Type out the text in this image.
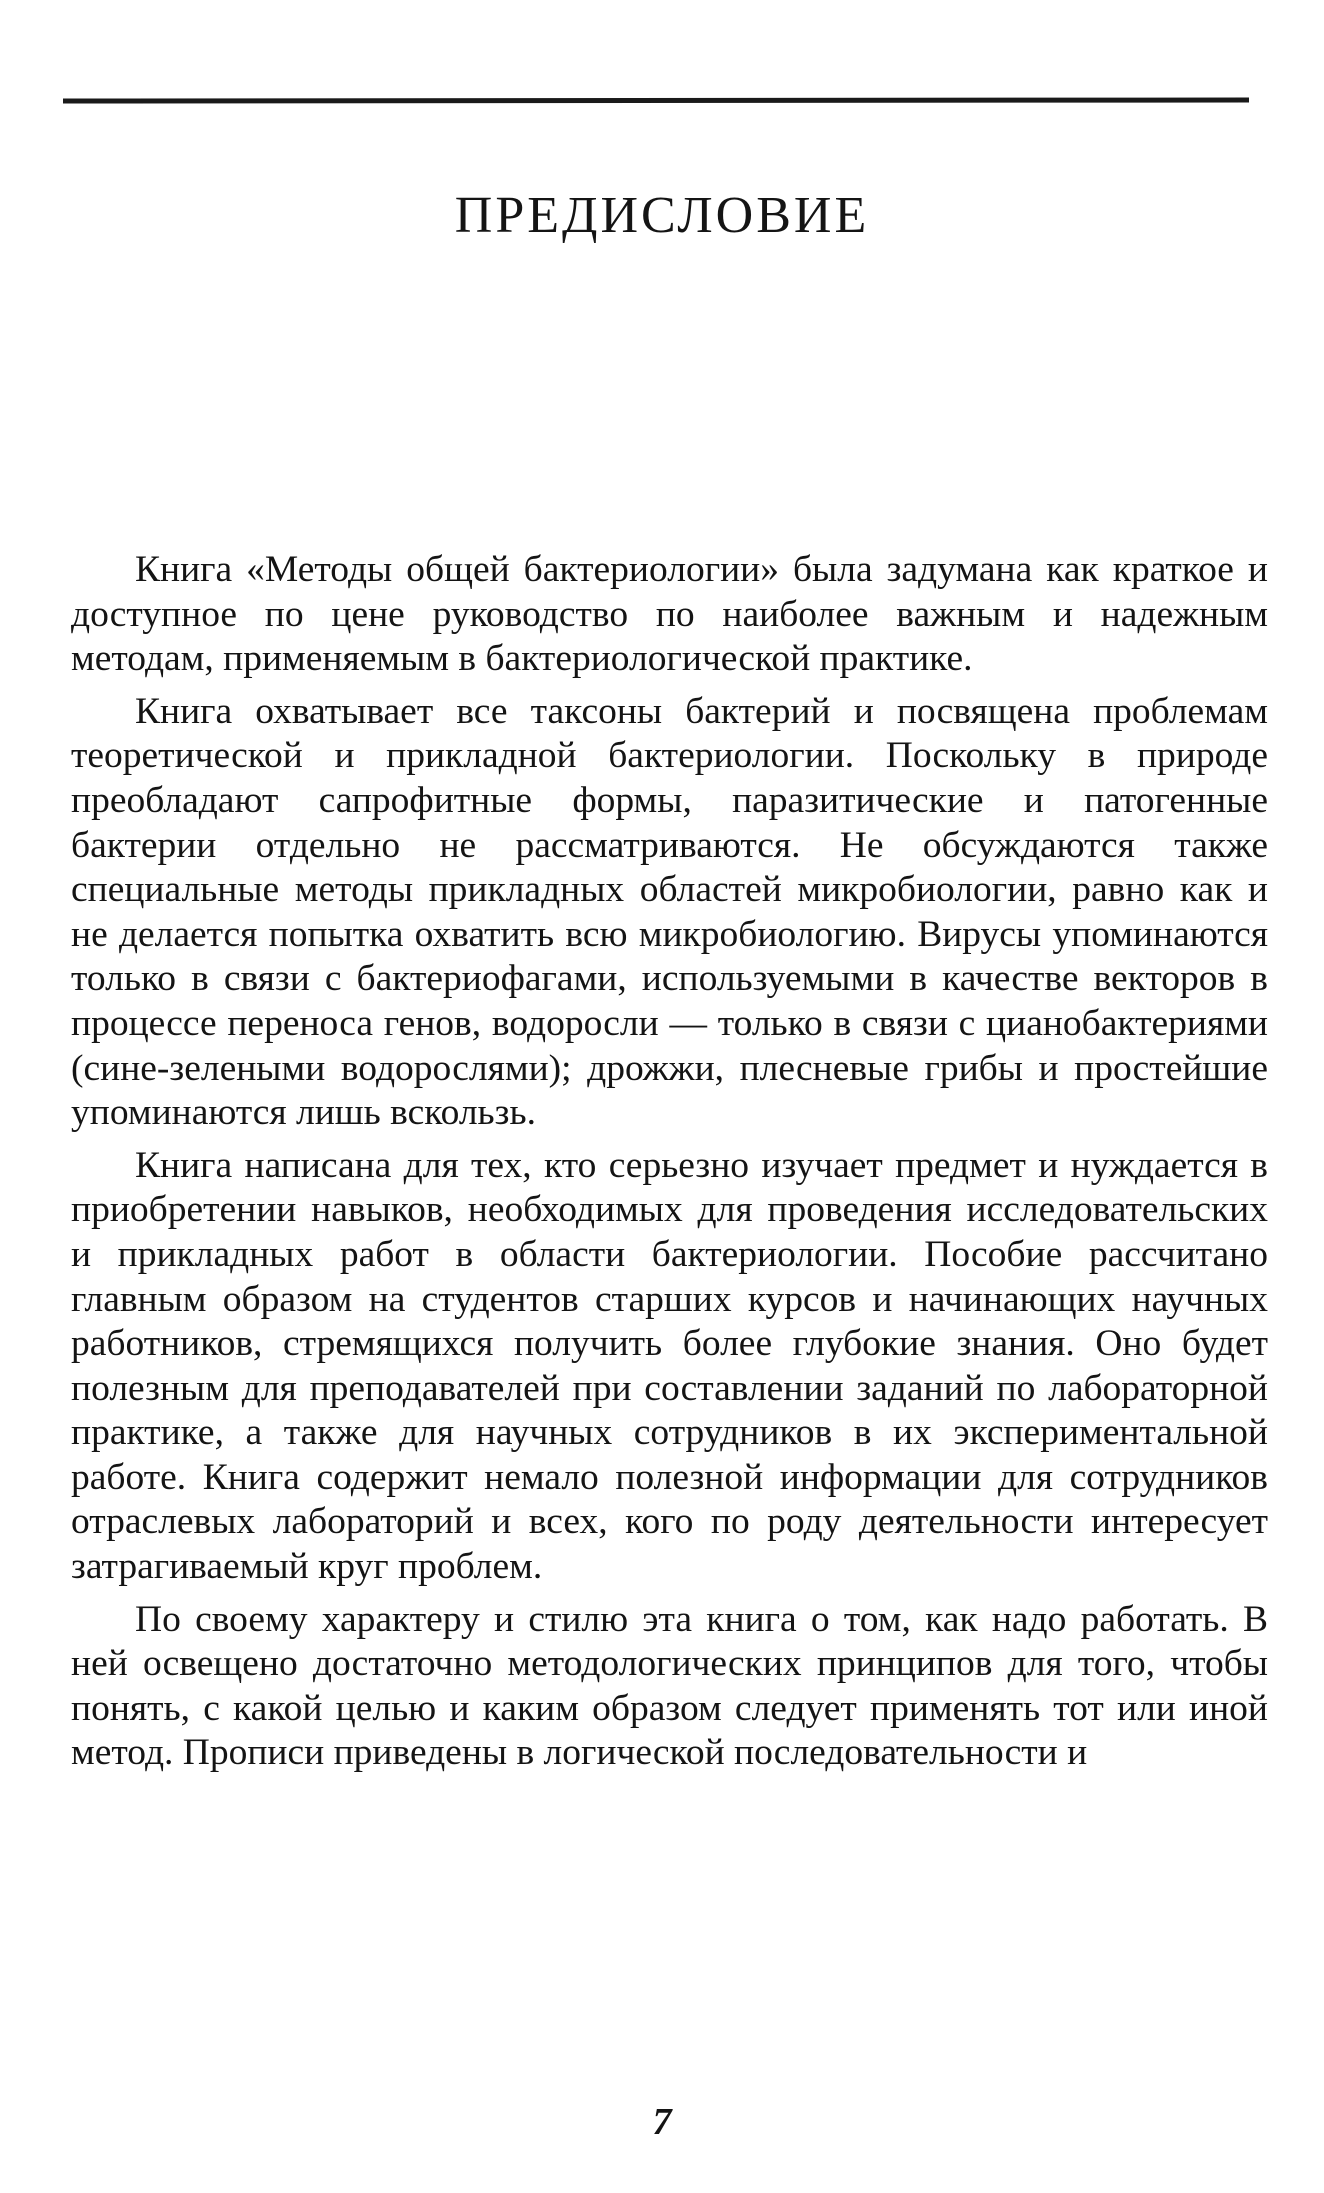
ПРЕДИСЛОВИЕ

Книга «Методы общей бактериологии» была задумана как краткое и доступное по цене руководство по наиболее важным и надежным методам, применяемым в бактериологической практике.

Книга охватывает все таксоны бактерий и посвящена проблемам теоретической и прикладной бактериологии. Поскольку в природе преобладают сапрофитные формы, паразитические и патогенные бактерии отдельно не рассматриваются. Не обсуждаются также специальные методы прикладных областей микробиологии, равно как и не делается попытка охватить всю микробиологию. Вирусы упоминаются только в связи с бактериофагами, используемыми в качестве векторов в процессе переноса генов, водоросли — только в связи с цианобактериями (сине-зелеными водорослями); дрожжи, плесневые грибы и простейшие упоминаются лишь вскользь.

Книга написана для тех, кто серьезно изучает предмет и нуждается в приобретении навыков, необходимых для проведения исследовательских и прикладных работ в области бактериологии. Пособие рассчитано главным образом на студентов старших курсов и начинающих научных работников, стремящихся получить более глубокие знания. Оно будет полезным для преподавателей при составлении заданий по лабораторной практике, а также для научных сотрудников в их экспериментальной работе. Книга содержит немало полезной информации для сотрудников отраслевых лабораторий и всех, кого по роду деятельности интересует затрагиваемый круг проблем.

По своему характеру и стилю эта книга о том, как надо работать. В ней освещено достаточно методологических принципов для того, чтобы понять, с какой целью и каким образом следует применять тот или иной метод. Прописи приведены в логической последовательности и

7
